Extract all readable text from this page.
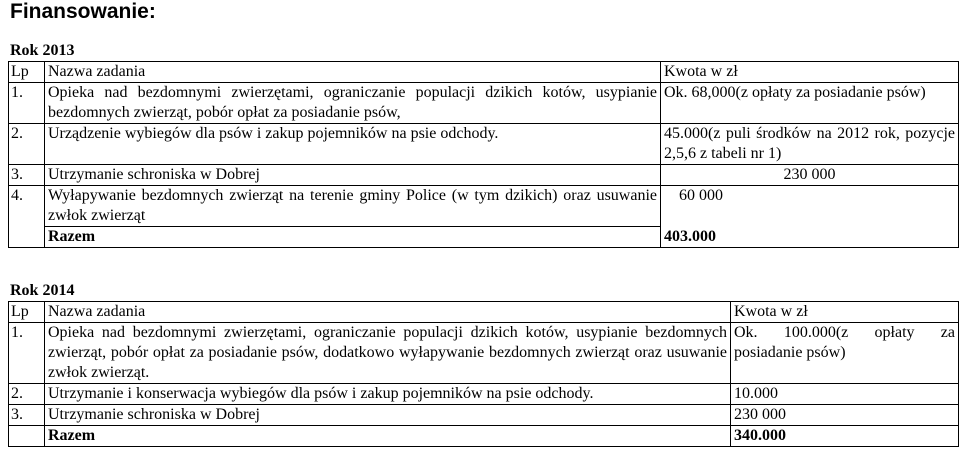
Finansowanie:
Rok 2013
Lp	Nazwa zadania	Kwota w zł
1.	Opieka nad bezdomnymi zwierzętami, ograniczanie populacji dzikich kotów, usypianie bezdomnych zwierząt, pobór opłat za posiadanie psów,	Ok. 68,000(z opłaty za posiadanie psów)
2.	Urządzenie wybiegów dla psów i zakup pojemników na psie odchody.	45.000(z puli środków na 2012 rok, pozycje 2,5,6 z tabeli nr 1)
3.	Utrzymanie schroniska w Dobrej	230 000
4.	Wyłapywanie bezdomnych zwierząt na terenie gminy Police (w tym dzikich) oraz usuwanie zwłok zwierząt	60 000
	Razem	403.000
Rok 2014
Lp	Nazwa zadania	Kwota w zł
1.	Opieka nad bezdomnymi zwierzętami, ograniczanie populacji dzikich kotów, usypianie bezdomnych zwierząt, pobór opłat za posiadanie psów, dodatkowo wyłapywanie bezdomnych zwierząt oraz usuwanie zwłok zwierząt.	Ok. 100.000(z opłaty za posiadanie psów)
2.	Utrzymanie i konserwacja wybiegów dla psów i zakup pojemników na psie odchody.	10.000
3.	Utrzymanie schroniska w Dobrej	230 000
	Razem	340.000
